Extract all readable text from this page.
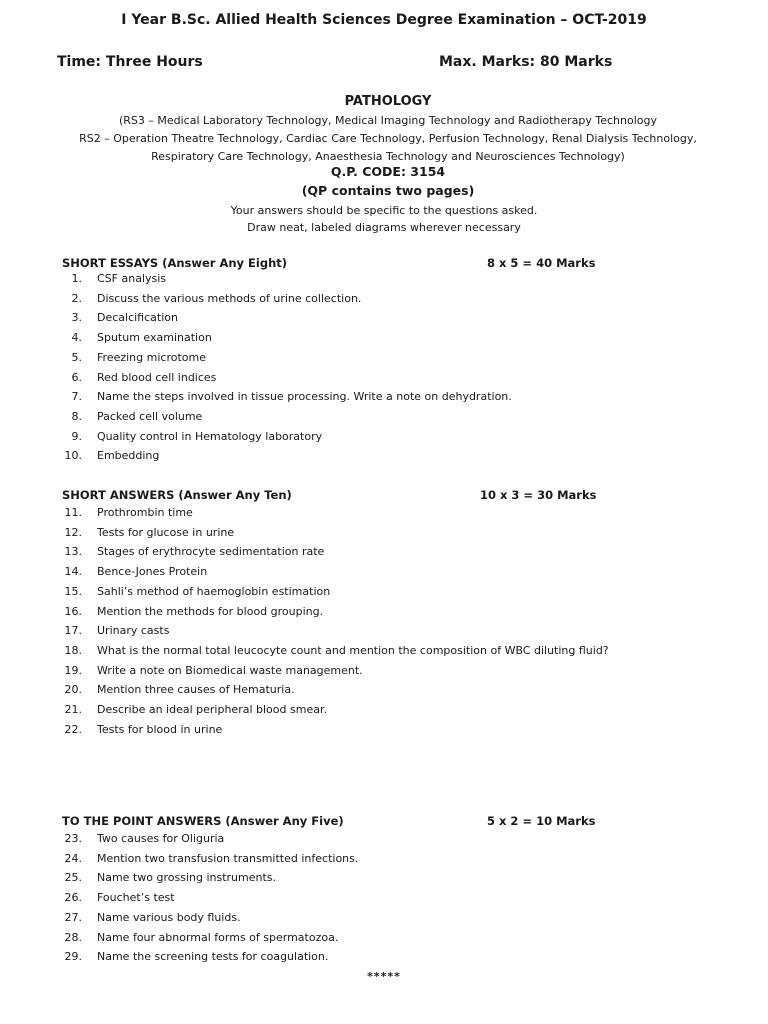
I Year B.Sc. Allied Health Sciences Degree Examination – OCT-2019
Time: Three Hours	Max. Marks: 80 Marks
PATHOLOGY
(RS3 – Medical Laboratory Technology, Medical Imaging Technology and Radiotherapy Technology
RS2 – Operation Theatre Technology, Cardiac Care Technology, Perfusion Technology, Renal Dialysis Technology,
Respiratory Care Technology, Anaesthesia Technology and Neurosciences Technology)
Q.P. CODE: 3154
(QP contains two pages)
Your answers should be specific to the questions asked.
Draw neat, labeled diagrams wherever necessary
SHORT ESSAYS (Answer Any Eight)	8 x 5 = 40 Marks
1. CSF analysis
2. Discuss the various methods of urine collection.
3. Decalcification
4. Sputum examination
5. Freezing microtome
6. Red blood cell indices
7. Name the steps involved in tissue processing. Write a note on dehydration.
8. Packed cell volume
9. Quality control in Hematology laboratory
10. Embedding
SHORT ANSWERS (Answer Any Ten)	10 x 3 = 30 Marks
11. Prothrombin time
12. Tests for glucose in urine
13. Stages of erythrocyte sedimentation rate
14. Bence-Jones Protein
15. Sahli’s method of haemoglobin estimation
16. Mention the methods for blood grouping.
17. Urinary casts
18. What is the normal total leucocyte count and mention the composition of WBC diluting fluid?
19. Write a note on Biomedical waste management.
20. Mention three causes of Hematuria.
21. Describe an ideal peripheral blood smear.
22. Tests for blood in urine
TO THE POINT ANSWERS (Answer Any Five)	5 x 2 = 10 Marks
23. Two causes for Oliguria
24. Mention two transfusion transmitted infections.
25. Name two grossing instruments.
26. Fouchet’s test
27. Name various body fluids.
28. Name four abnormal forms of spermatozoa.
29. Name the screening tests for coagulation.
*****
